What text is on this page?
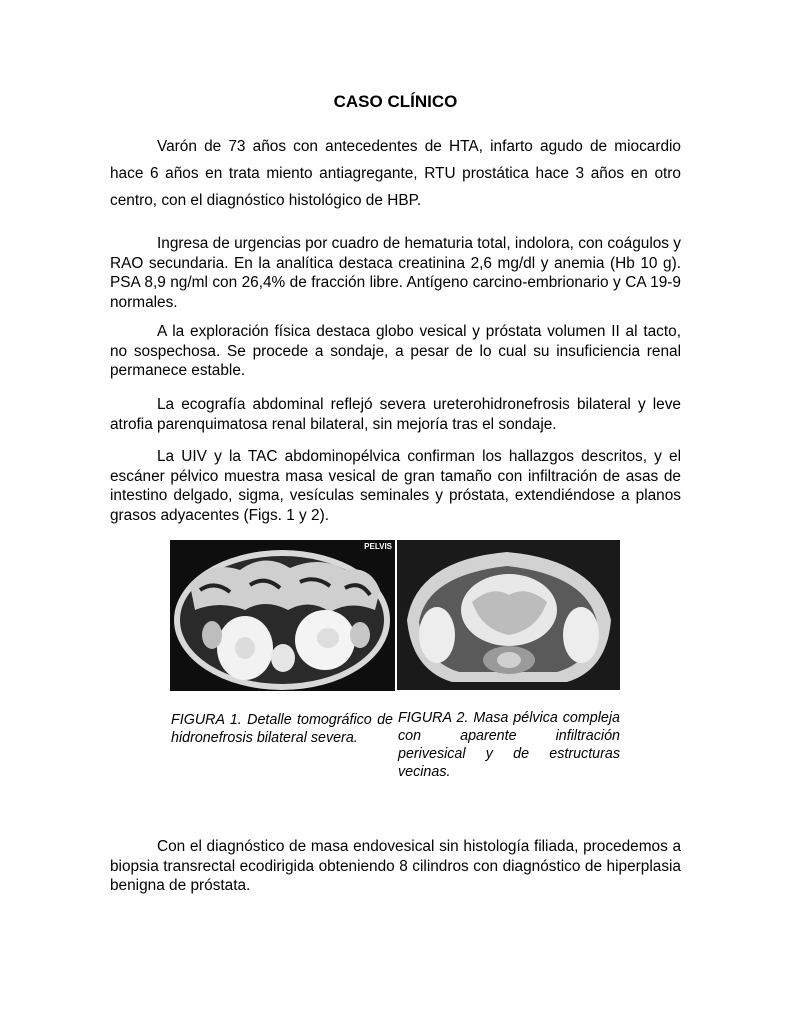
CASO CLÍNICO

Varón de 73 años con antecedentes de HTA, infarto agudo de miocardio hace 6 años en trata miento antiagregante, RTU prostática hace 3 años en otro centro, con el diagnóstico histológico de HBP.

Ingresa de urgencias por cuadro de hematuria total, indolora, con coágulos y RAO secundaria. En la analítica destaca creatinina 2,6 mg/dl y anemia (Hb 10 g). PSA 8,9 ng/ml con 26,4% de fracción libre. Antígeno carcino-embrionario y CA 19-9 normales.

A la exploración física destaca globo vesical y próstata volumen II al tacto, no sospechosa. Se procede a sondaje, a pesar de lo cual su insuficiencia renal permanece estable.

La ecografía abdominal reflejó severa ureterohidronefrosis bilateral y leve atrofia parenquimatosa renal bilateral, sin mejoría tras el sondaje.

La UIV y la TAC abdominopélvica confirman los hallazgos descritos, y el escáner pélvico muestra masa vesical de gran tamaño con infiltración de asas de intestino delgado, sigma, vesículas seminales y próstata, extendiéndose a planos grasos adyacentes (Figs. 1 y 2).

PELVIS

FIGURA 1. Detalle tomográfico de hidronefrosis bilateral severa.

FIGURA 2. Masa pélvica compleja con aparente infiltración perivesical y de estructuras vecinas.

Con el diagnóstico de masa endovesical sin histología filiada, procedemos a biopsia transrectal ecodirigida obteniendo 8 cilindros con diagnóstico de hiperplasia benigna de próstata.
